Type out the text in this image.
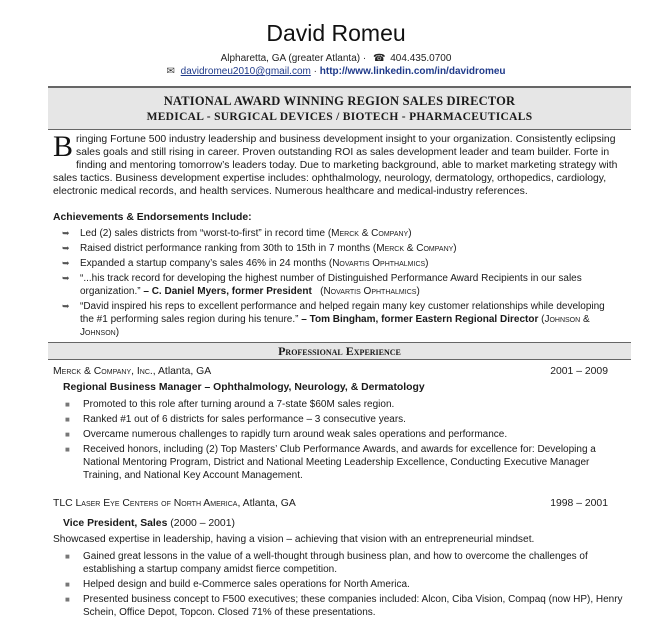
David Romeu
Alpharetta, GA (greater Atlanta) · ☎ 404.435.0700
✉ davidromeu2010@gmail.com · http://www.linkedin.com/in/davidromeu
NATIONAL AWARD WINNING REGION SALES DIRECTOR
MEDICAL - SURGICAL DEVICES / BIOTECH - PHARMACEUTICALS
Bringing Fortune 500 industry leadership and business development insight to your organization. Consistently eclipsing sales goals and still rising in career. Proven outstanding ROI as sales development leader and team builder. Forte in finding and mentoring tomorrow’s leaders today. Due to marketing background, able to market marketing strategy with sales tactics. Business development expertise includes: ophthalmology, neurology, dermatology, orthopedics, cardiology, electronic medical records, and health services. Numerous healthcare and medical-industry references.
Achievements & Endorsements Include:
➥ Led (2) sales districts from “worst-to-first” in record time (Merck & Company)
➥ Raised district performance ranking from 30th to 15th in 7 months (Merck & Company)
➥ Expanded a startup company’s sales 46% in 24 months (Novartis Ophthalmics)
➥ “...his track record for developing the highest number of Distinguished Performance Award Recipients in our sales organization.” – C. Daniel Myers, former President   (Novartis Ophthalmics)
➥ “David inspired his reps to excellent performance and helped regain many key customer relationships while developing the #1 performing sales region during his tenure.” – Tom Bingham, former Eastern Regional Director (Johnson & Johnson)
Professional Experience
Merck & Company, Inc., Atlanta, GA	2001 – 2009
Regional Business Manager – Ophthalmology, Neurology, & Dermatology
■ Promoted to this role after turning around a 7-state $60M sales region.
■ Ranked #1 out of 6 districts for sales performance – 3 consecutive years.
■ Overcame numerous challenges to rapidly turn around weak sales operations and performance.
■ Received honors, including (2) Top Masters’ Club Performance Awards, and awards for excellence for: Developing a National Mentoring Program, District and National Meeting Leadership Excellence, Conducting Executive Manager Training, and National Key Account Management.
TLC Laser Eye Centers of North America, Atlanta, GA	1998 – 2001
Vice President, Sales (2000 – 2001)
Showcased expertise in leadership, having a vision – achieving that vision with an entrepreneurial mindset.
■ Gained great lessons in the value of a well-thought through business plan, and how to overcome the challenges of establishing a startup company amidst fierce competition.
■ Helped design and build e-Commerce sales operations for North America.
■ Presented business concept to F500 executives; these companies included: Alcon, Ciba Vision, Compaq (now HP), Henry Schein, Office Depot, Topcon. Closed 71% of these presentations.
